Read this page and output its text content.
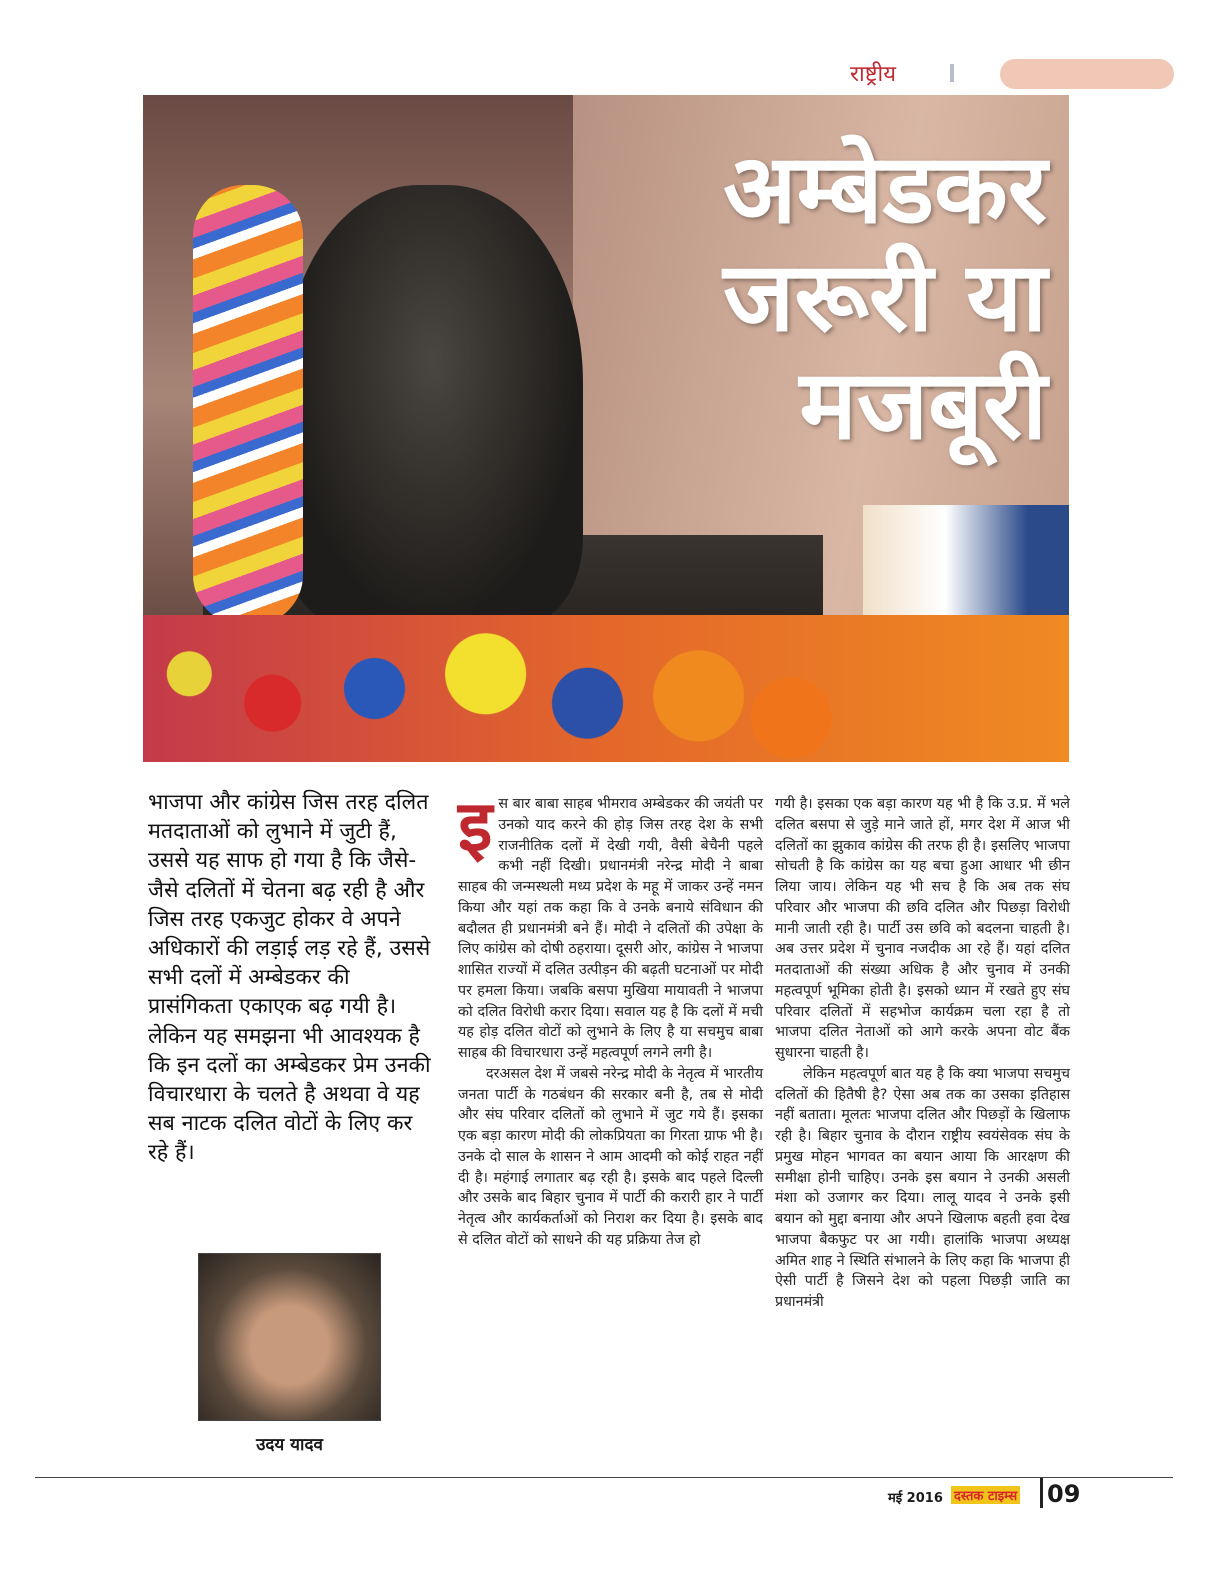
राष्ट्रीय
अम्बेडकर
जरूरी या
मजबूरी
भाजपा और कांग्रेस जिस तरह दलित मतदाताओं को लुभाने में जुटी हैं, उससे यह साफ हो गया है कि जैसे-जैसे दलितों में चेतना बढ़ रही है और जिस तरह एकजुट होकर वे अपने अधिकारों की लड़ाई लड़ रहे हैं, उससे सभी दलों में अम्बेडकर की प्रासंगिकता एकाएक बढ़ गयी है। लेकिन यह समझना भी आवश्यक है कि इन दलों का अम्बेडकर प्रेम उनकी विचारधारा के चलते है अथवा वे यह सब नाटक दलित वोटों के लिए कर रहे हैं।
उदय यादव

इस बार बाबा साहब भीमराव अम्बेडकर की जयंती पर उनको याद करने की होड़ जिस तरह देश के सभी राजनीतिक दलों में देखी गयी, वैसी बेचैनी पहले कभी नहीं दिखी। प्रधानमंत्री नरेन्द्र मोदी ने बाबा साहब की जन्मस्थली मध्य प्रदेश के महू में जाकर उन्हें नमन किया और यहां तक कहा कि वे उनके बनाये संविधान की बदौलत ही प्रधानमंत्री बने हैं। मोदी ने दलितों की उपेक्षा के लिए कांग्रेस को दोषी ठहराया। दूसरी ओर, कांग्रेस ने भाजपा शासित राज्यों में दलित उत्पीड़न की बढ़ती घटनाओं पर मोदी पर हमला किया। जबकि बसपा मुखिया मायावती ने भाजपा को दलित विरोधी करार दिया। सवाल यह है कि दलों में मची यह होड़ दलित वोटों को लुभाने के लिए है या सचमुच बाबा साहब की विचारधारा उन्हें महत्वपूर्ण लगने लगी है।

दरअसल देश में जबसे नरेन्द्र मोदी के नेतृत्व में भारतीय जनता पार्टी के गठबंधन की सरकार बनी है, तब से मोदी और संघ परिवार दलितों को लुभाने में जुट गये हैं। इसका एक बड़ा कारण मोदी की लोकप्रियता का गिरता ग्राफ भी है। उनके दो साल के शासन ने आम आदमी को कोई राहत नहीं दी है। महंगाई लगातार बढ़ रही है। इसके बाद पहले दिल्ली और उसके बाद बिहार चुनाव में पार्टी की करारी हार ने पार्टी नेतृत्व और कार्यकर्ताओं को निराश कर दिया है। इसके बाद से दलित वोटों को साधने की यह प्रक्रिया तेज हो

गयी है। इसका एक बड़ा कारण यह भी है कि उ.प्र. में भले दलित बसपा से जुड़े माने जाते हों, मगर देश में आज भी दलितों का झुकाव कांग्रेस की तरफ ही है। इसलिए भाजपा सोचती है कि कांग्रेस का यह बचा हुआ आधार भी छीन लिया जाय। लेकिन यह भी सच है कि अब तक संघ परिवार और भाजपा की छवि दलित और पिछड़ा विरोधी मानी जाती रही है। पार्टी उस छवि को बदलना चाहती है। अब उत्तर प्रदेश में चुनाव नजदीक आ रहे हैं। यहां दलित मतदाताओं की संख्या अधिक है और चुनाव में उनकी महत्वपूर्ण भूमिका होती है। इसको ध्यान में रखते हुए संघ परिवार दलितों में सहभोज कार्यक्रम चला रहा है तो भाजपा दलित नेताओं को आगे करके अपना वोट बैंक सुधारना चाहती है।

लेकिन महत्वपूर्ण बात यह है कि क्या भाजपा सचमुच दलितों की हितैषी है? ऐसा अब तक का उसका इतिहास नहीं बताता। मूलतः भाजपा दलित और पिछड़ों के खिलाफ रही है। बिहार चुनाव के दौरान राष्ट्रीय स्वयंसेवक संघ के प्रमुख मोहन भागवत का बयान आया कि आरक्षण की समीक्षा होनी चाहिए। उनके इस बयान ने उनकी असली मंशा को उजागर कर दिया। लालू यादव ने उनके इसी बयान को मुद्दा बनाया और अपने खिलाफ बहती हवा देख भाजपा बैकफुट पर आ गयी। हालांकि भाजपा अध्यक्ष अमित शाह ने स्थिति संभालने के लिए कहा कि भाजपा ही ऐसी पार्टी है जिसने देश को पहला पिछड़ी जाति का प्रधानमंत्री

मई 2016 दस्तक टाइम्स 09
